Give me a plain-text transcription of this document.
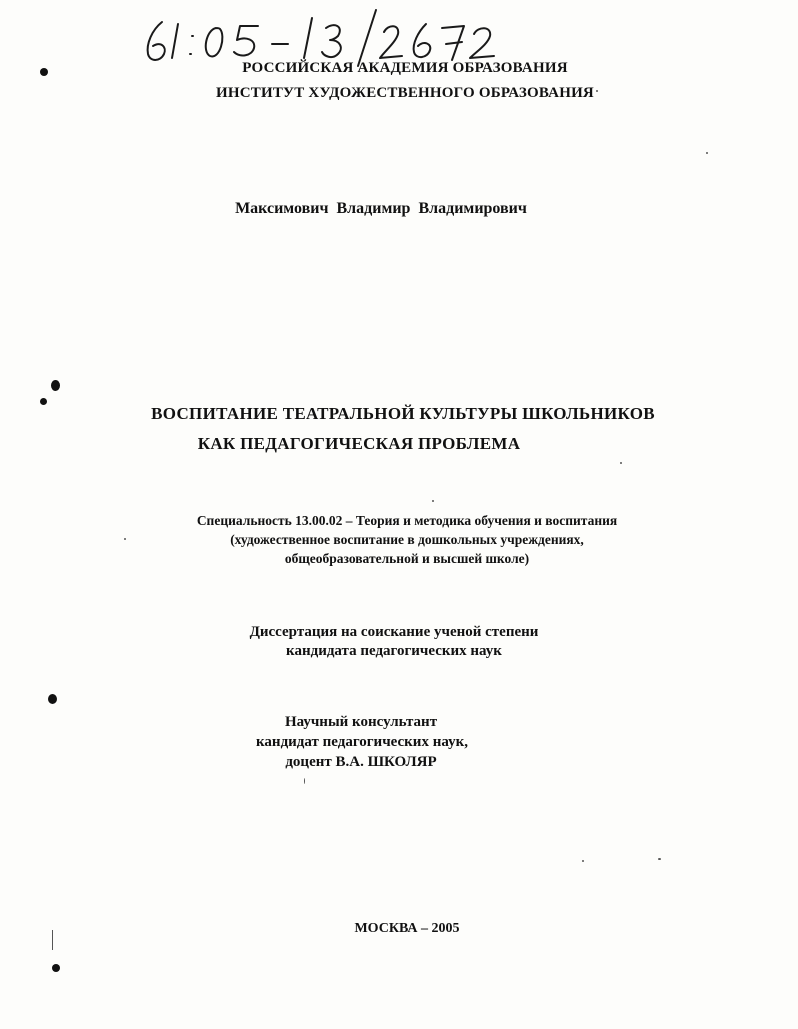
РОССИЙСКАЯ АКАДЕМИЯ ОБРАЗОВАНИЯ
ИНСТИТУТ ХУДОЖЕСТВЕННОГО ОБРАЗОВАНИЯ
Максимович Владимир Владимирович
ВОСПИТАНИЕ ТЕАТРАЛЬНОЙ КУЛЬТУРЫ ШКОЛЬНИКОВ
КАК ПЕДАГОГИЧЕСКАЯ ПРОБЛЕМА
Специальность 13.00.02 – Теория и методика обучения и воспитания
(художественное воспитание в дошкольных учреждениях,
общеобразовательной и высшей школе)
Диссертация на соискание ученой степени
кандидата педагогических наук
Научный консультант
кандидат педагогических наук,
доцент В.А. ШКОЛЯР
МОСКВА – 2005
